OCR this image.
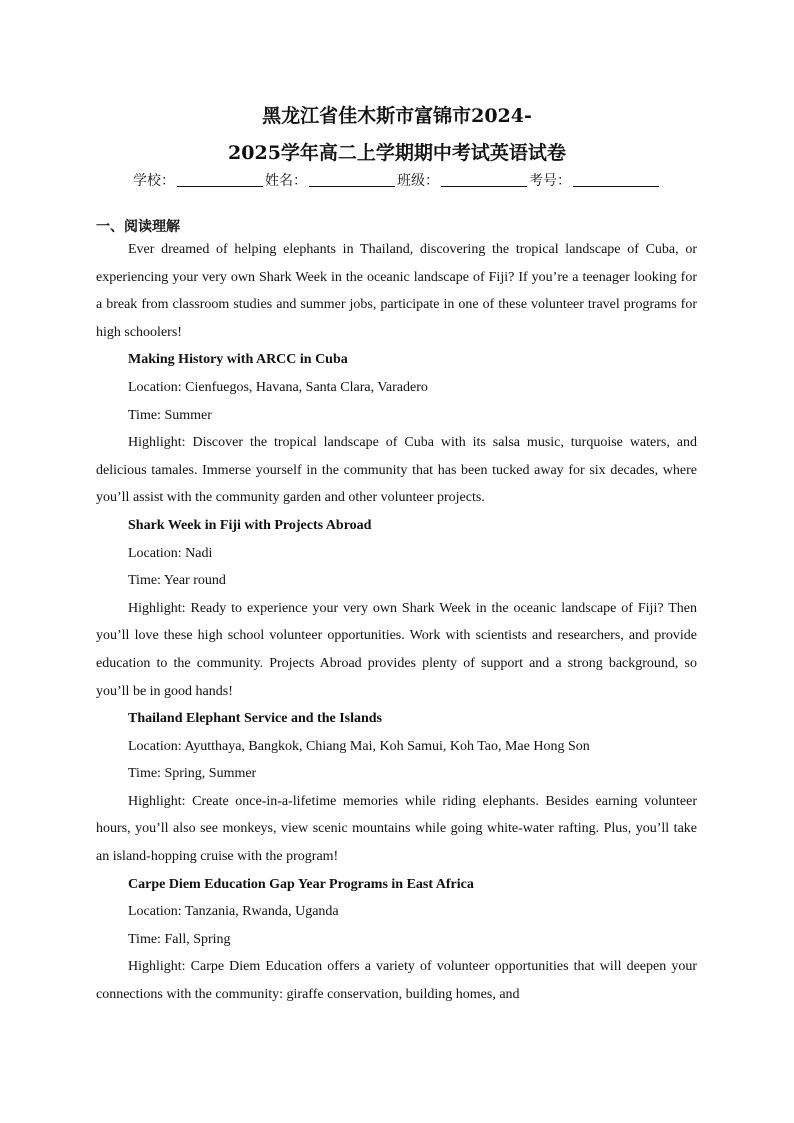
黑龙江省佳木斯市富锦市2024-
2025学年高二上学期期中考试英语试卷
学校：	姓名：	班级：	考号：
一、阅读理解

Ever dreamed of helping elephants in Thailand, discovering the tropical landscape of Cuba, or experiencing your very own Shark Week in the oceanic landscape of Fiji? If you’re a teenager looking for a break from classroom studies and summer jobs, participate in one of these volunteer travel programs for high schoolers!

Making History with ARCC in Cuba

Location: Cienfuegos, Havana, Santa Clara, Varadero

Time: Summer

Highlight: Discover the tropical landscape of Cuba with its salsa music, turquoise waters, and delicious tamales. Immerse yourself in the community that has been tucked away for six decades, where you’ll assist with the community garden and other volunteer projects.

Shark Week in Fiji with Projects Abroad

Location: Nadi

Time: Year round

Highlight: Ready to experience your very own Shark Week in the oceanic landscape of Fiji? Then you’ll love these high school volunteer opportunities. Work with scientists and researchers, and provide education to the community. Projects Abroad provides plenty of support and a strong background, so you’ll be in good hands!

Thailand Elephant Service and the Islands

Location: Ayutthaya, Bangkok, Chiang Mai, Koh Samui, Koh Tao, Mae Hong Son

Time: Spring, Summer

Highlight: Create once-in-a-lifetime memories while riding elephants. Besides earning volunteer hours, you’ll also see monkeys, view scenic mountains while going white-water rafting. Plus, you’ll take an island-hopping cruise with the program!

Carpe Diem Education Gap Year Programs in East Africa

Location: Tanzania, Rwanda, Uganda

Time: Fall, Spring

Highlight: Carpe Diem Education offers a variety of volunteer opportunities that will deepen your connections with the community: giraffe conservation, building homes, and
